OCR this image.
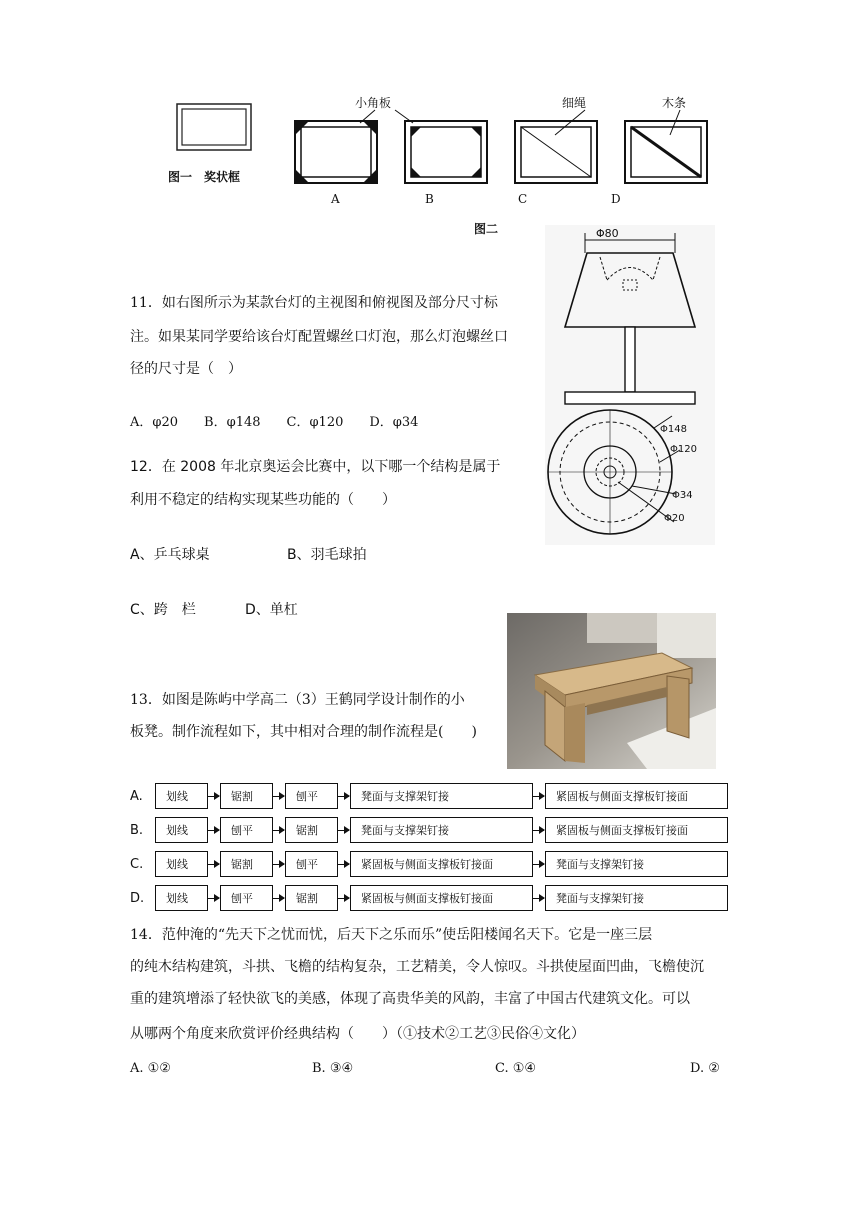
图一　奖状框
小角板	细绳	木条
A	B	C	D
图二	Φ80
Φ148
Φ120
Φ34
Φ20
11．如右图所示为某款台灯的主视图和俯视图及部分尺寸标
注。如果某同学要给该台灯配置螺丝口灯泡，那么灯泡螺丝口
径的尺寸是（　）
A．φ20　　B．φ148　　C．φ120　　D．φ34
12．在 2008 年北京奥运会比赛中，以下哪一个结构是属于
利用不稳定的结构实现某些功能的（　　）
A、乒乓球桌	B、羽毛球拍
C、跨　栏	D、单杠
13．如图是陈屿中学高二（3）王鹤同学设计制作的小
板凳。制作流程如下，其中相对合理的制作流程是(　　)
A.	划线	锯割	刨平	凳面与支撑架钉接	紧固板与侧面支撑板钉接面
B.	划线	刨平	锯割	凳面与支撑架钉接	紧固板与侧面支撑板钉接面
C.	划线	锯割	刨平	紧固板与侧面支撑板钉接面	凳面与支撑架钉接
D.	划线	刨平	锯割	紧固板与侧面支撑板钉接面	凳面与支撑架钉接
14．范仲淹的“先天下之忧而忧，后天下之乐而乐”使岳阳楼闻名天下。它是一座三层
的纯木结构建筑，斗拱、飞檐的结构复杂，工艺精美，令人惊叹。斗拱使屋面凹曲，飞檐使沉
重的建筑增添了轻快欲飞的美感，体现了高贵华美的风韵，丰富了中国古代建筑文化。可以
从哪两个角度来欣赏评价经典结构（　　）（①技术②工艺③民俗④文化）
A. ①②	B. ③④	C. ①④	D. ②
